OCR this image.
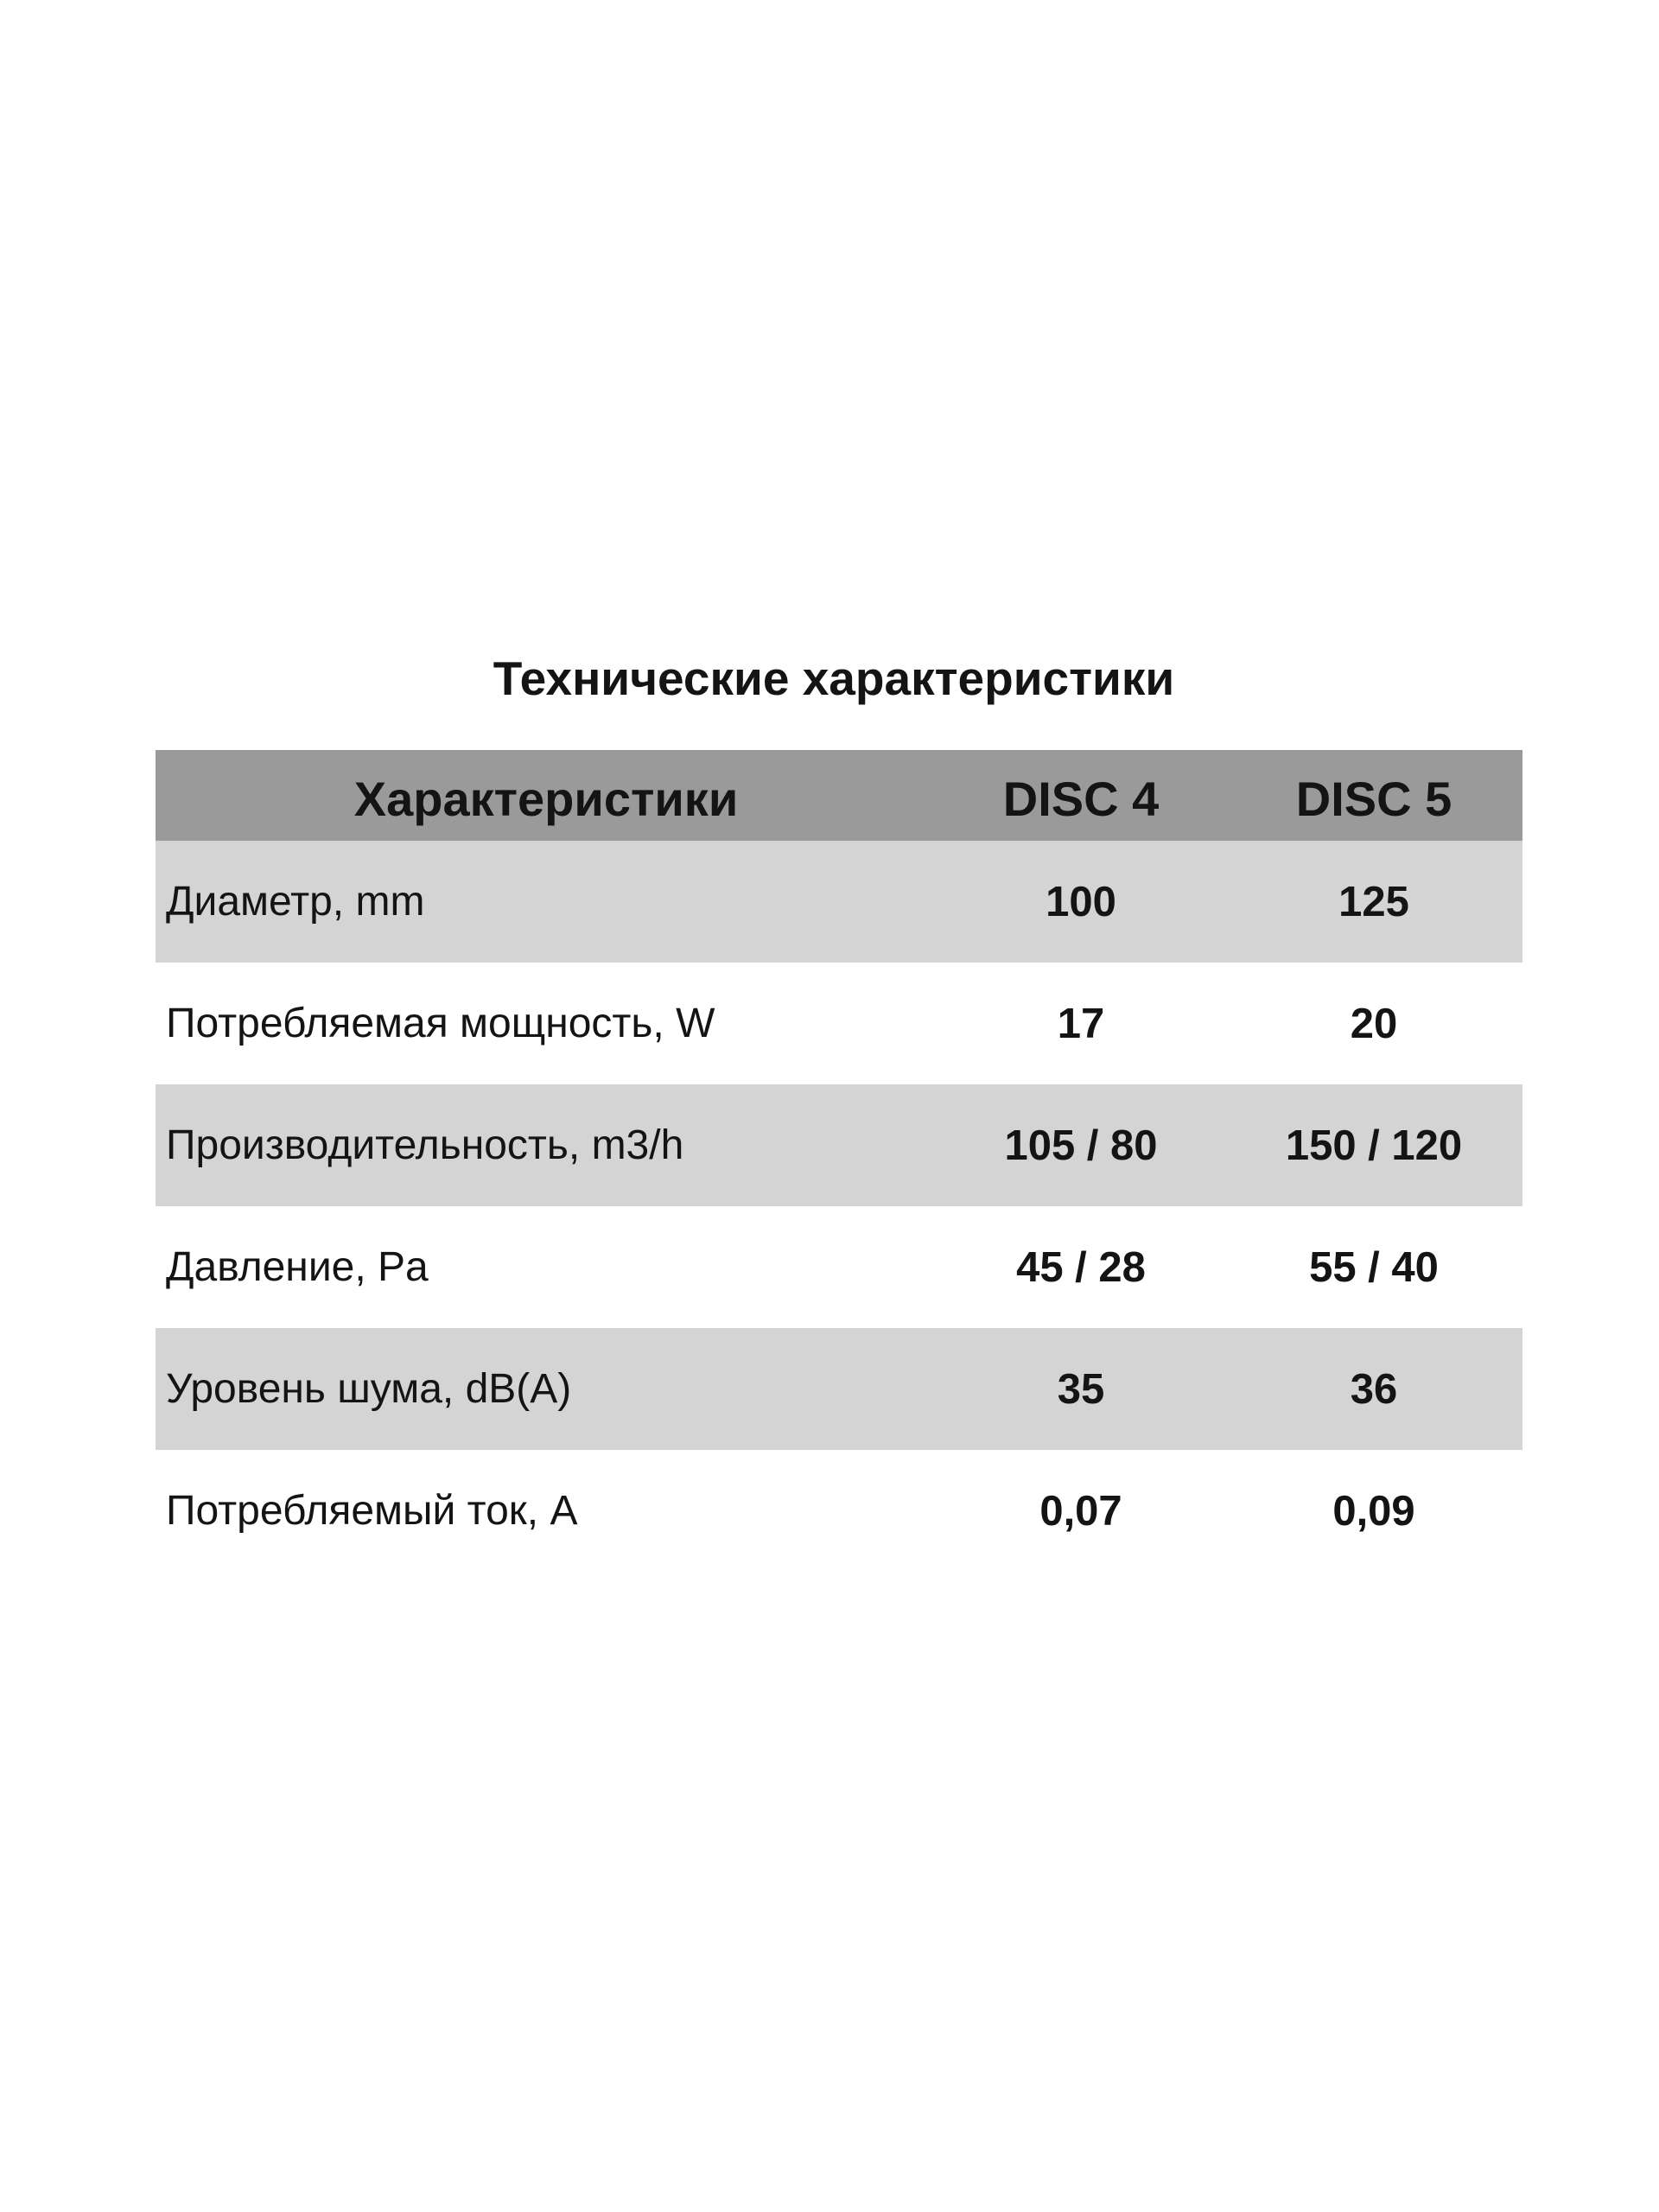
Технические характеристики
Характеристики	DISC 4	DISC 5
Диаметр, mm	100	125
Потребляемая мощность, W	17	20
Производительность, m3/h	105 / 80	150 / 120
Давление, Pa	45 / 28	55 / 40
Уровень шума, dB(A)	35	36
Потребляемый ток, А	0,07	0,09
